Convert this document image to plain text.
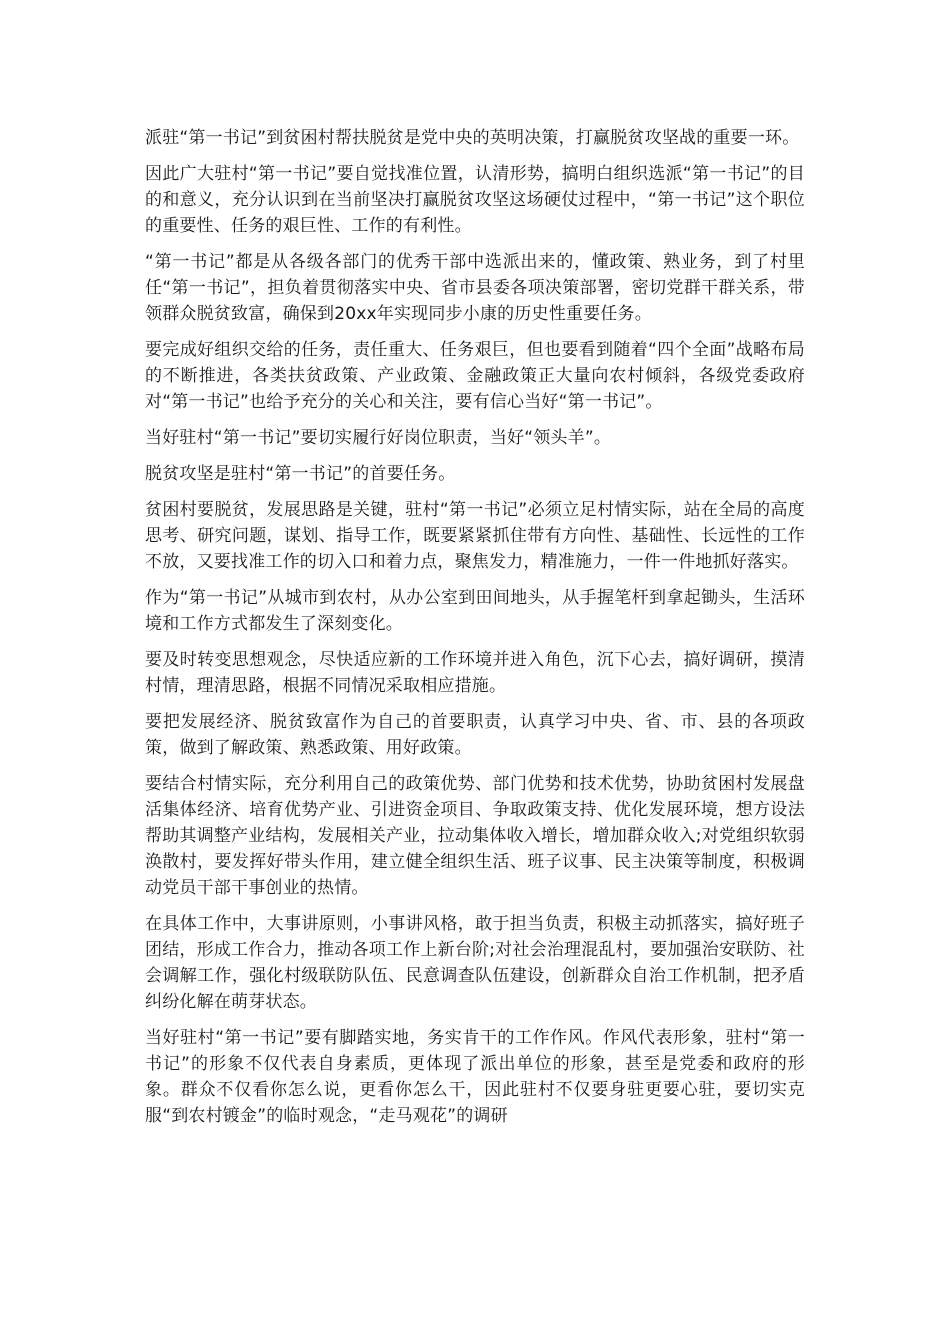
派驻“第一书记”到贫困村帮扶脱贫是党中央的英明决策，打赢脱贫攻坚战的重要一环。

因此广大驻村“第一书记”要自觉找准位置，认清形势，搞明白组织选派“第一书记”的目的和意义，充分认识到在当前坚决打赢脱贫攻坚这场硬仗过程中，“第一书记”这个职位的重要性、任务的艰巨性、工作的有利性。

“第一书记”都是从各级各部门的优秀干部中选派出来的，懂政策、熟业务，到了村里任“第一书记”，担负着贯彻落实中央、省市县委各项决策部署，密切党群干群关系，带领群众脱贫致富，确保到20xx年实现同步小康的历史性重要任务。

要完成好组织交给的任务，责任重大、任务艰巨，但也要看到随着“四个全面”战略布局的不断推进，各类扶贫政策、产业政策、金融政策正大量向农村倾斜，各级党委政府对“第一书记”也给予充分的关心和关注，要有信心当好“第一书记”。

当好驻村“第一书记”要切实履行好岗位职责，当好“领头羊”。

脱贫攻坚是驻村“第一书记”的首要任务。

贫困村要脱贫，发展思路是关键，驻村“第一书记”必须立足村情实际，站在全局的高度思考、研究问题，谋划、指导工作，既要紧紧抓住带有方向性、基础性、长远性的工作不放，又要找准工作的切入口和着力点，聚焦发力，精准施力，一件一件地抓好落实。

作为“第一书记”从城市到农村，从办公室到田间地头，从手握笔杆到拿起锄头，生活环境和工作方式都发生了深刻变化。

要及时转变思想观念，尽快适应新的工作环境并进入角色，沉下心去，搞好调研，摸清村情，理清思路，根据不同情况采取相应措施。

要把发展经济、脱贫致富作为自己的首要职责，认真学习中央、省、市、县的各项政策，做到了解政策、熟悉政策、用好政策。

要结合村情实际，充分利用自己的政策优势、部门优势和技术优势，协助贫困村发展盘活集体经济、培育优势产业、引进资金项目、争取政策支持、优化发展环境，想方设法帮助其调整产业结构，发展相关产业，拉动集体收入增长，增加群众收入;对党组织软弱涣散村，要发挥好带头作用，建立健全组织生活、班子议事、民主决策等制度，积极调动党员干部干事创业的热情。

在具体工作中，大事讲原则，小事讲风格，敢于担当负责，积极主动抓落实，搞好班子团结，形成工作合力，推动各项工作上新台阶;对社会治理混乱村，要加强治安联防、社会调解工作，强化村级联防队伍、民意调查队伍建设，创新群众自治工作机制，把矛盾纠纷化解在萌芽状态。

当好驻村“第一书记”要有脚踏实地，务实肯干的工作作风。作风代表形象，驻村“第一书记”的形象不仅代表自身素质，更体现了派出单位的形象，甚至是党委和政府的形象。群众不仅看你怎么说，更看你怎么干，因此驻村不仅要身驻更要心驻，要切实克服“到农村镀金”的临时观念，“走马观花”的调研
